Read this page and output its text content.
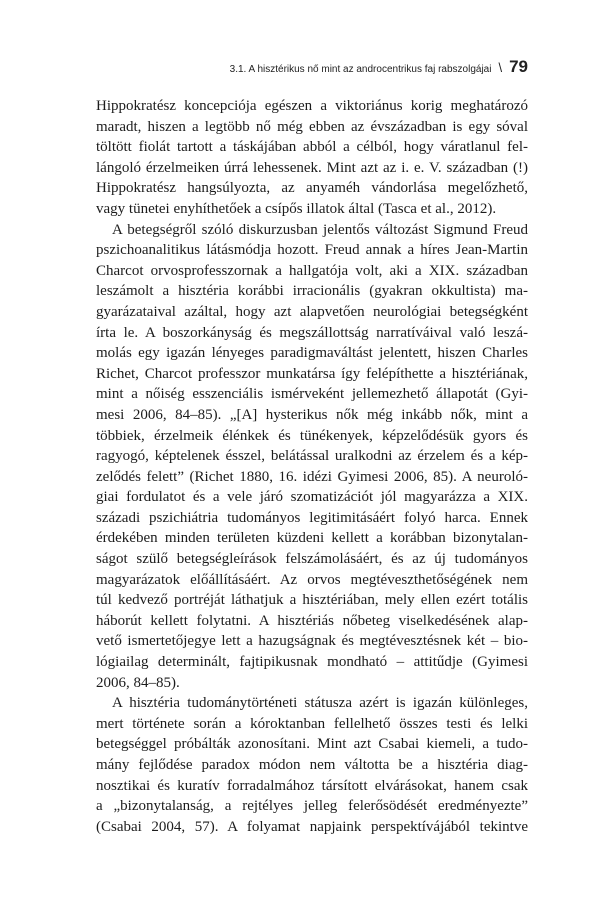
3.1. A hisztérikus nő mint az androcentrikus faj rabszolgájai \ 79
Hippokratész koncepciója egészen a viktoriánus korig meghatározó
maradt, hiszen a legtöbb nő még ebben az évszázadban is egy sóval
töltött fiolát tartott a táskájában abból a célból, hogy váratlanul fel-
lángoló érzelmeiken úrrá lehessenek. Mint azt az i. e. V. században (!)
Hippokratész hangsúlyozta, az anyaméh vándorlása megelőzhető,
vagy tünetei enyhíthetőek a csípős illatok által (Tasca et al., 2012).
A betegségről szóló diskurzusban jelentős változást Sigmund Freud
pszichoanalitikus látásmódja hozott. Freud annak a híres Jean-Martin
Charcot orvosprofesszornak a hallgatója volt, aki a XIX. században
leszámolt a hisztéria korábbi irracionális (gyakran okkultista) ma-
gyarázataival azáltal, hogy azt alapvetően neurológiai betegségként
írta le. A boszorkányság és megszállottság narratíváival való leszá-
molás egy igazán lényeges paradigmaváltást jelentett, hiszen Charles
Richet, Charcot professzor munkatársa így felépíthette a hisztériának,
mint a nőiség esszenciális ismérveként jellemezhető állapotát (Gyi-
mesi 2006, 84–85). „[A] hysterikus nők még inkább nők, mint a
többiek, érzelmeik élénkek és tünékenyek, képzelődésük gyors és
ragyogó, képtelenek ésszel, belátással uralkodni az érzelem és a kép-
zelődés felett” (Richet 1880, 16. idézi Gyimesi 2006, 85). A neuroló-
giai fordulatot és a vele járó szomatizációt jól magyarázza a XIX.
századi pszichiátria tudományos legitimitásáért folyó harca. Ennek
érdekében minden területen küzdeni kellett a korábban bizonytalan-
ságot szülő betegségleírások felszámolásáért, és az új tudományos
magyarázatok előállításáért. Az orvos megtéveszthetőségének nem
túl kedvező portréját láthatjuk a hisztériában, mely ellen ezért totális
háborút kellett folytatni. A hisztériás nőbeteg viselkedésének alap-
vető ismertetőjegye lett a hazugságnak és megtévesztésnek két – bio-
lógiailag determinált, fajtipikusnak mondható – attitűdje (Gyimesi
2006, 84–85).
A hisztéria tudománytörténeti státusza azért is igazán különleges,
mert története során a kóroktanban fellelhető összes testi és lelki
betegséggel próbálták azonosítani. Mint azt Csabai kiemeli, a tudo-
mány fejlődése paradox módon nem váltotta be a hisztéria diag-
nosztikai és kuratív forradalmához társított elvárásokat, hanem csak
a „bizonytalanság, a rejtélyes jelleg felerősödését eredményezte”
(Csabai 2004, 57). A folyamat napjaink perspektívájából tekintve
